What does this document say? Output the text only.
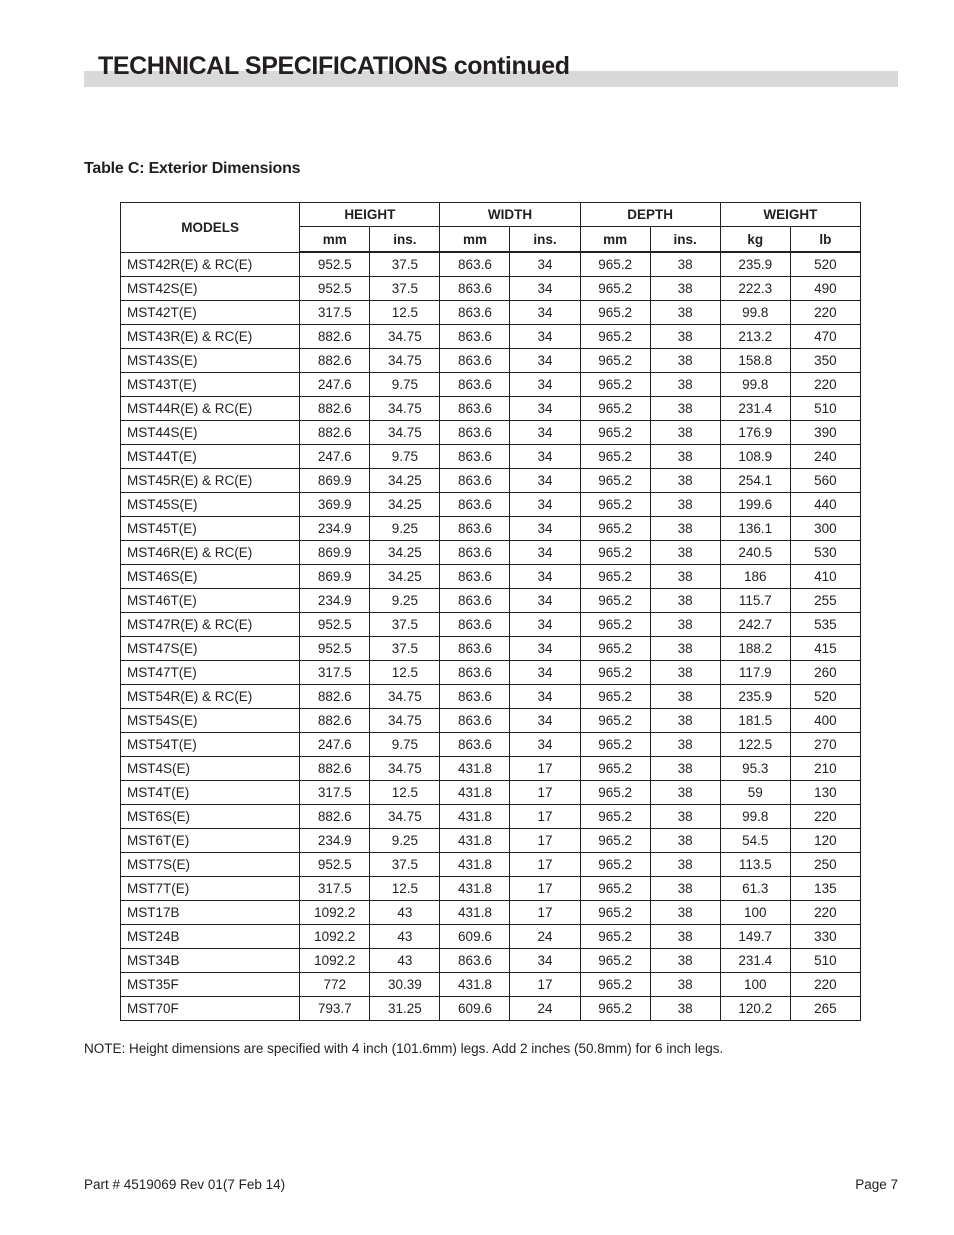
TECHNICAL SPECIFICATIONS continued
Table C: Exterior Dimensions
MODELS	HEIGHT		WIDTH		DEPTH		WEIGHT	
	mm	ins.	mm	ins.	mm	ins.	kg	lb
MST42R(E) & RC(E)	952.5	37.5	863.6	34	965.2	38	235.9	520
MST42S(E)	952.5	37.5	863.6	34	965.2	38	222.3	490
MST42T(E)	317.5	12.5	863.6	34	965.2	38	99.8	220
MST43R(E) & RC(E)	882.6	34.75	863.6	34	965.2	38	213.2	470
MST43S(E)	882.6	34.75	863.6	34	965.2	38	158.8	350
MST43T(E)	247.6	9.75	863.6	34	965.2	38	99.8	220
MST44R(E) & RC(E)	882.6	34.75	863.6	34	965.2	38	231.4	510
MST44S(E)	882.6	34.75	863.6	34	965.2	38	176.9	390
MST44T(E)	247.6	9.75	863.6	34	965.2	38	108.9	240
MST45R(E) & RC(E)	869.9	34.25	863.6	34	965.2	38	254.1	560
MST45S(E)	369.9	34.25	863.6	34	965.2	38	199.6	440
MST45T(E)	234.9	9.25	863.6	34	965.2	38	136.1	300
MST46R(E) & RC(E)	869.9	34.25	863.6	34	965.2	38	240.5	530
MST46S(E)	869.9	34.25	863.6	34	965.2	38	186	410
MST46T(E)	234.9	9.25	863.6	34	965.2	38	115.7	255
MST47R(E) & RC(E)	952.5	37.5	863.6	34	965.2	38	242.7	535
MST47S(E)	952.5	37.5	863.6	34	965.2	38	188.2	415
MST47T(E)	317.5	12.5	863.6	34	965.2	38	117.9	260
MST54R(E) & RC(E)	882.6	34.75	863.6	34	965.2	38	235.9	520
MST54S(E)	882.6	34.75	863.6	34	965.2	38	181.5	400
MST54T(E)	247.6	9.75	863.6	34	965.2	38	122.5	270
MST4S(E)	882.6	34.75	431.8	17	965.2	38	95.3	210
MST4T(E)	317.5	12.5	431.8	17	965.2	38	59	130
MST6S(E)	882.6	34.75	431.8	17	965.2	38	99.8	220
MST6T(E)	234.9	9.25	431.8	17	965.2	38	54.5	120
MST7S(E)	952.5	37.5	431.8	17	965.2	38	113.5	250
MST7T(E)	317.5	12.5	431.8	17	965.2	38	61.3	135
MST17B	1092.2	43	431.8	17	965.2	38	100	220
MST24B	1092.2	43	609.6	24	965.2	38	149.7	330
MST34B	1092.2	43	863.6	34	965.2	38	231.4	510
MST35F	772	30.39	431.8	17	965.2	38	100	220
MST70F	793.7	31.25	609.6	24	965.2	38	120.2	265

NOTE: Height dimensions are specified with 4 inch (101.6mm) legs. Add 2 inches (50.8mm) for 6 inch legs.

Part # 4519069 Rev 01(7 Feb 14)	Page 7
